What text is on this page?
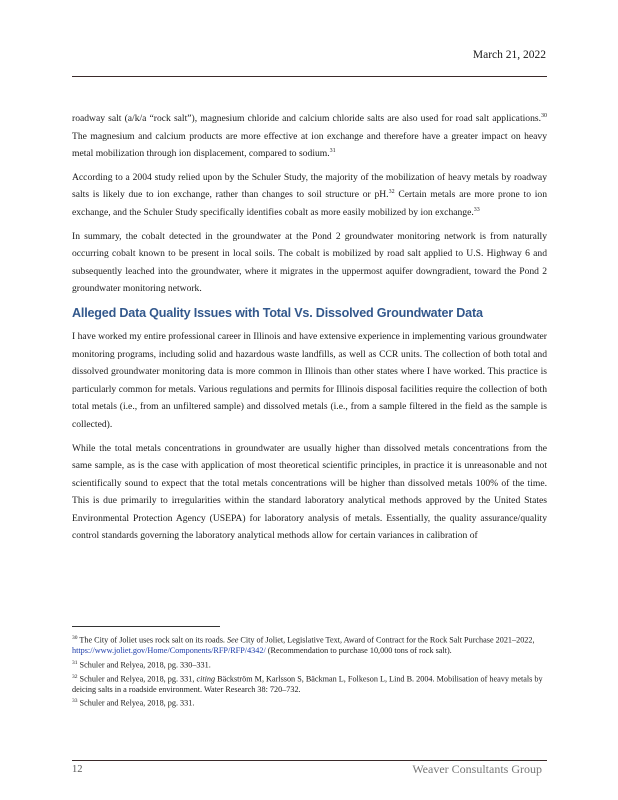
March 21, 2022

roadway salt (a/k/a “rock salt”), magnesium chloride and calcium chloride salts are also used for road salt applications.$^{30}$ The magnesium and calcium products are more effective at ion exchange and therefore have a greater impact on heavy metal mobilization through ion displacement, compared to sodium.$^{31}$

According to a 2004 study relied upon by the Schuler Study, the majority of the mobilization of heavy metals by roadway salts is likely due to ion exchange, rather than changes to soil structure or pH.$^{32}$ Certain metals are more prone to ion exchange, and the Schuler Study specifically identifies cobalt as more easily mobilized by ion exchange.$^{33}$

In summary, the cobalt detected in the groundwater at the Pond 2 groundwater monitoring network is from naturally occurring cobalt known to be present in local soils. The cobalt is mobilized by road salt applied to U.S. Highway 6 and subsequently leached into the groundwater, where it migrates in the uppermost aquifer downgradient, toward the Pond 2 groundwater monitoring network.

Alleged Data Quality Issues with Total Vs. Dissolved Groundwater Data

I have worked my entire professional career in Illinois and have extensive experience in implementing various groundwater monitoring programs, including solid and hazardous waste landfills, as well as CCR units. The collection of both total and dissolved groundwater monitoring data is more common in Illinois than other states where I have worked. This practice is particularly common for metals. Various regulations and permits for Illinois disposal facilities require the collection of both total metals (i.e., from an unfiltered sample) and dissolved metals (i.e., from a sample filtered in the field as the sample is collected).

While the total metals concentrations in groundwater are usually higher than dissolved metals concentrations from the same sample, as is the case with application of most theoretical scientific principles, in practice it is unreasonable and not scientifically sound to expect that the total metals concentrations will be higher than dissolved metals 100% of the time. This is due primarily to irregularities within the standard laboratory analytical methods approved by the United States Environmental Protection Agency (USEPA) for laboratory analysis of metals. Essentially, the quality assurance/quality control standards governing the laboratory analytical methods allow for certain variances in calibration of

$^{30}$ The City of Joliet uses rock salt on its roads. See City of Joliet, Legislative Text, Award of Contract for the Rock Salt Purchase 2021–2022, https://www.joliet.gov/Home/Components/RFP/RFP/4342/ (Recommendation to purchase 10,000 tons of rock salt).
$^{31}$ Schuler and Relyea, 2018, pg. 330–331.
$^{32}$ Schuler and Relyea, 2018, pg. 331, citing Bäckström M, Karlsson S, Bäckman L, Folkeson L, Lind B. 2004. Mobilisation of heavy metals by deicing salts in a roadside environment. Water Research 38: 720–732.
$^{33}$ Schuler and Relyea, 2018, pg. 331.
12	Weaver Consultants Group
